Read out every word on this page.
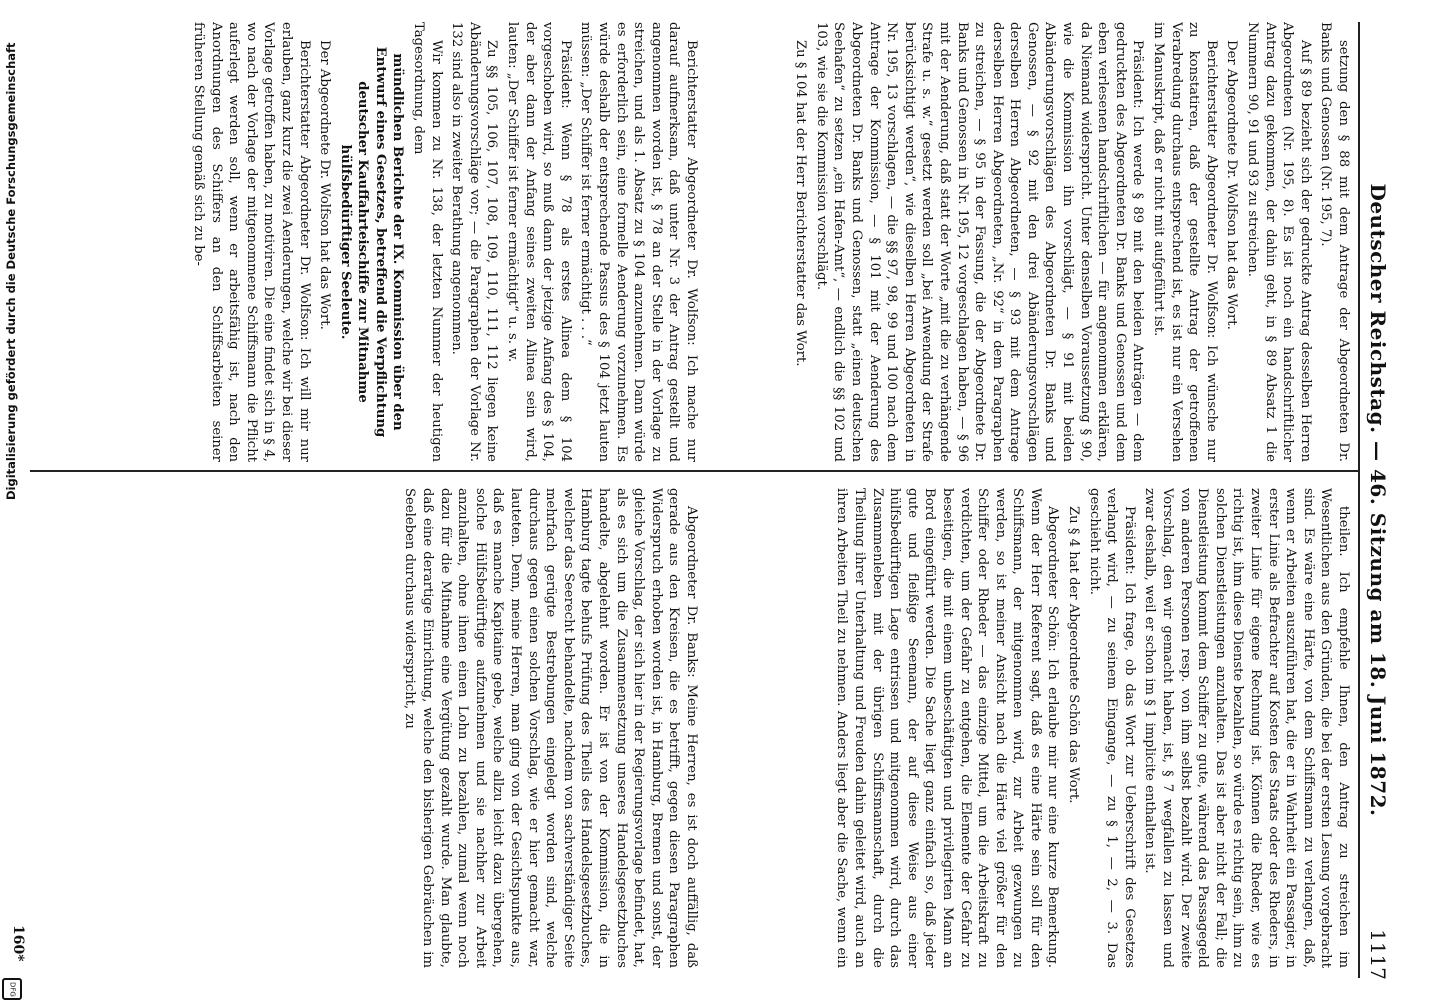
Deutscher Reichstag. — 46. Sitzung am 18. Juni 1872.
1117

theilen. Ich empfehle Ihnen, den Antrag zu streichen im Wesentlichen aus den Gründen, die bei der ersten Lesung vorgebracht sind. Es wäre eine Härte, von dem Schiffsmann zu verlangen, daß, wenn er Arbeiten auszuführen hat, die er in Wahrheit ein Passagier, in erster Linie als Befrachter auf Kosten des Staats oder des Rheders, in zweiter Linie für eigene Rechnung ist. Können die Rheder, wie es richtig ist, ihm diese Dienste bezahlen, so würde es richtig sein, ihm zu solchen Dienstleistungen anzuhalten. Das ist aber nicht der Fall; die Dienstleistung kommt dem Schiffer zu gute, während das Passagegeld von anderen Personen resp. von ihm selbst bezahlt wird. Der zweite Vorschlag, den wir gemacht haben, ist, § 7 wegfallen zu lassen und zwar deshalb, weil er schon im § 1 implicite enthalten ist.

Präsident: Ich frage, ob das Wort zur Ueberschrift des Gesetzes verlangt wird, — zu seinem Eingange, — zu § 1, — 2, — 3. Das geschieht nicht.

Zu § 4 hat der Abgeordnete Schön das Wort.

Abgeordneter Schön: Ich erlaube mir nur eine kurze Bemerkung. Wenn der Herr Referent sagt, daß es eine Härte sein soll für den Schiffsmann, der mitgenommen wird, zur Arbeit gezwungen zu werden, so ist meiner Ansicht nach die Härte viel größer für den Schiffer oder Rheder — das einzige Mittel, um die Arbeitskraft zu verdichten, um der Gefahr zu entgehen, die Elemente der Gefahr zu beseitigen, die mit einem unbeschäftigten und privilegirten Mann an Bord eingeführt werden. Die Sache liegt ganz einfach so, daß jeder gute und fleißige Seemann, der auf diese Weise aus einer hülfsbedürftigen Lage entrissen und mitgenommen wird, durch das Zusammenleben mit der übrigen Schiffsmannschaft, durch die Theilung ihrer Unterhaltung und Freuden dahin geleitet wird, auch an ihren Arbeiten Theil zu nehmen. Anders liegt aber die Sache, wenn ein

Abgeordneter Dr. Banks: Meine Herren, es ist doch auffällig, daß gerade aus den Kreisen, die es betrifft, gegen diesen Paragraphen Widerspruch erhoben worden ist, in Hamburg, Bremen und sonst, der gleiche Vorschlag, der sich hier in der Regierungsvorlage befindet, hat, als es sich um die Zusammensetzung unseres Handelsgesetzbuches handelte, abgelehnt worden. Er ist von der Kommission, die in Hamburg tagte behufs Prüfung des Theils des Handelsgesetzbuches, welcher das Seerecht behandelte, nachdem von sachverständiger Seite mehrfach gerügte Bestrebungen eingelegt worden sind, welche durchaus gegen einen solchen Vorschlag, wie er hier gemacht war, lauteten. Denn, meine Herren, man ging von der Gesichtspunkte aus, daß es manche Kapitaine gebe, welche allzu leicht dazu übergehen, solche Hülfsbedürftige aufzunehmen und sie nachher zur Arbeit anzuhalten, ohne ihnen einen Lohn zu bezahlen, zumal wenn noch dazu für die Mitnahme eine Vergütung gezahlt wurde. Man glaubte, daß eine derartige Einrichtung, welche den bisherigen Gebräuchen im Seeleben durchaus widerspricht, zu

setzung den § 88 mit dem Antrage der Abgeordneten Dr. Banks und Genossen (Nr. 195, 7).

Auf § 89 bezieht sich der gedruckte Antrag desselben Herren Abgeordneten (Nr. 195, 8). Es ist noch ein handschriftlicher Antrag dazu gekommen, der dahin geht, in § 89 Absatz 1 die Nummern 90, 91 und 93 zu streichen.

Der Abgeordnete Dr. Wolfson hat das Wort.

Berichterstatter Abgeordneter Dr. Wolfson: Ich wünsche nur zu konstatiren, daß der gestellte Antrag der getroffenen Verabredung durchaus entsprechend ist, es ist nur ein Versehen im Manuskript, daß er nicht mit aufgeführt ist.

Präsident: Ich werde § 89 mit den beiden Anträgen — dem gedruckten des Abgeordneten Dr. Banks und Genossen und dem eben verlesenen handschriftlichen — für angenommen erklären, da Niemand widerspricht. Unter denselben Voraussetzung § 90, wie die Kommission ihn vorschlägt, — § 91 mit beiden Abänderungsvorschlägen des Abgeordneten Dr. Banks und Genossen, — § 92 mit den drei Abänderungsvorschlägen derselben Herren Abgeordneten, — § 93 mit dem Antrage derselben Herren Abgeordneten, „Nr. 92“ in dem Paragraphen zu streichen, — § 95 in der Fassung, die der Abgeordnete Dr. Banks und Genossen in Nr. 195, 12 vorgeschlagen haben, — § 96 mit der Aenderung, daß statt der Worte „mit die zu verhängende Strafe u. s. w.“ gesetzt werden soll „bei Anwendung der Strafe berücksichtigt werden“, wie dieselben Herren Abgeordneten in Nr. 195, 13 vorschlagen, — die §§ 97, 98, 99 und 100 nach dem Antrage der Kommission, — § 101 mit der Aenderung des Abgeordneten Dr. Banks und Genossen, statt „einen deutschen Seehafen“ zu setzen „ein Hafen-Amt“, — endlich die §§ 102 und 103, wie sie die Kommission vorschlägt.

Zu § 104 hat der Herr Berichterstatter das Wort.

Berichterstatter Abgeordneter Dr. Wolfson: Ich mache nur darauf aufmerksam, daß unter Nr. 3 der Antrag gestellt und angenommen worden ist, § 78 an der Stelle in der Vorlage zu streichen, und als 1. Absatz zu § 104 anzunehmen. Dann würde es erforderlich sein, eine formelle Aenderung vorzunehmen. Es würde deshalb der entsprechende Passus des § 104 jetzt lauten müssen: „Der Schiffer ist ferner ermächtigt . . .“

Präsident: Wenn § 78 als erstes Alinea dem § 104 vorgeschoben wird, so muß dann der jetzige Anfang des § 104, der aber dann der Anfang seines zweiten Alinea sein wird, lauten: „Der Schiffer ist ferner ermächtigt“ u. s. w.

Zu §§ 105, 106, 107, 108, 109, 110, 111, 112 liegen keine Abänderungsvorschläge vor; — die Paragraphen der Vorlage Nr. 132 sind also in zweiter Berathung angenommen.

Wir kommen zu Nr. 138, der letzten Nummer der heutigen Tagesordnung, dem

mündlichen Berichte der IX. Kommission über den Entwurf eines Gesetzes, betreffend die Verpflichtung deutscher Kauffahrteischiffe zur Mitnahme hülfsbedürftiger Seeleute.

Der Abgeordnete Dr. Wolfson hat das Wort.

Berichterstatter Abgeordneter Dr. Wolfson: Ich will mir nur erlauben, ganz kurz die zwei Aenderungen, welche wir bei dieser Vorlage getroffen haben, zu motiviren. Die eine findet sich in § 4, wo nach der Vorlage der mitgenommene Schiffsmann die Pflicht auferlegt werden soll, wenn er arbeitsfähig ist, nach den Anordnungen des Schiffers an den Schiffsarbeiten seiner früheren Stellung gemäß sich zu be-

160*
Digitalisierung gefördert durch die Deutsche Forschungsgemeinschaft
DFG
